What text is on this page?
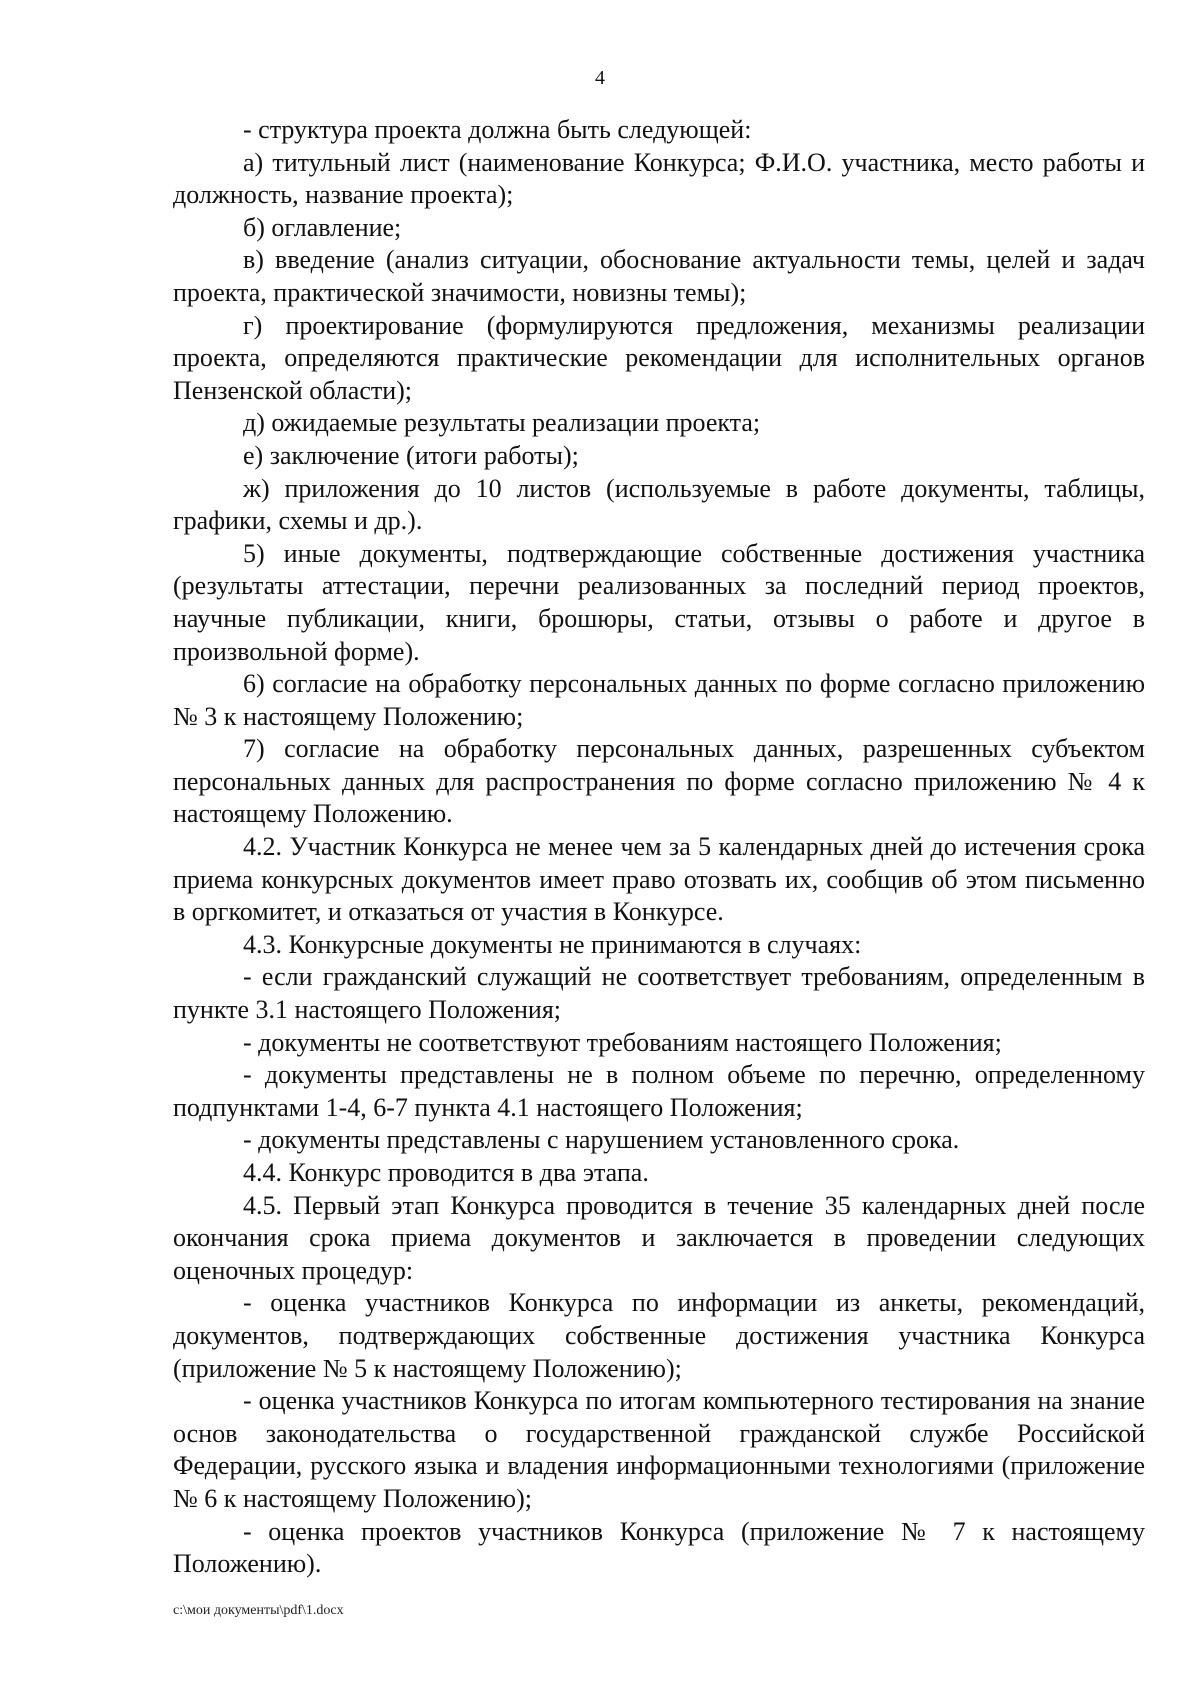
4

- структура проекта должна быть следующей:

а) титульный лист (наименование Конкурса; Ф.И.О. участника, место работы и должность, название проекта);

б) оглавление;

в) введение (анализ ситуации, обоснование актуальности темы, целей и задач проекта, практической значимости, новизны темы);

г) проектирование (формулируются предложения, механизмы реализации проекта, определяются практические рекомендации для исполнительных органов Пензенской области);

д) ожидаемые результаты реализации проекта;

е) заключение (итоги работы);

ж) приложения до 10 листов (используемые в работе документы, таблицы, графики, схемы и др.).

5) иные документы, подтверждающие собственные достижения участника (результаты аттестации, перечни реализованных за последний период проектов, научные публикации, книги, брошюры, статьи, отзывы о работе и другое в произвольной форме).

6) согласие на обработку персональных данных по форме согласно приложению № 3 к настоящему Положению;

7) согласие на обработку персональных данных, разрешенных субъектом персональных данных для распространения по форме согласно приложению № 4 к настоящему Положению.

4.2. Участник Конкурса не менее чем за 5 календарных дней до истечения срока приема конкурсных документов имеет право отозвать их, сообщив об этом письменно в оргкомитет, и отказаться от участия в Конкурсе.

4.3. Конкурсные документы не принимаются в случаях:

- если гражданский служащий не соответствует требованиям, определенным в пункте 3.1 настоящего Положения;

- документы не соответствуют требованиям настоящего Положения;

- документы представлены не в полном объеме по перечню, определенному подпунктами 1-4, 6-7 пункта 4.1 настоящего Положения;

- документы представлены с нарушением установленного срока.

4.4. Конкурс проводится в два этапа.

4.5. Первый этап Конкурса проводится в течение 35 календарных дней после окончания срока приема документов и заключается в проведении следующих оценочных процедур:

- оценка участников Конкурса по информации из анкеты, рекомендаций, документов, подтверждающих собственные достижения участника Конкурса (приложение № 5 к настоящему Положению);

- оценка участников Конкурса по итогам компьютерного тестирования на знание основ законодательства о государственной гражданской службе Российской Федерации, русского языка и владения информационными технологиями (приложение № 6 к настоящему Положению);

- оценка проектов участников Конкурса (приложение № 7 к настоящему Положению).

c:\мои документы\pdf\1.docx
